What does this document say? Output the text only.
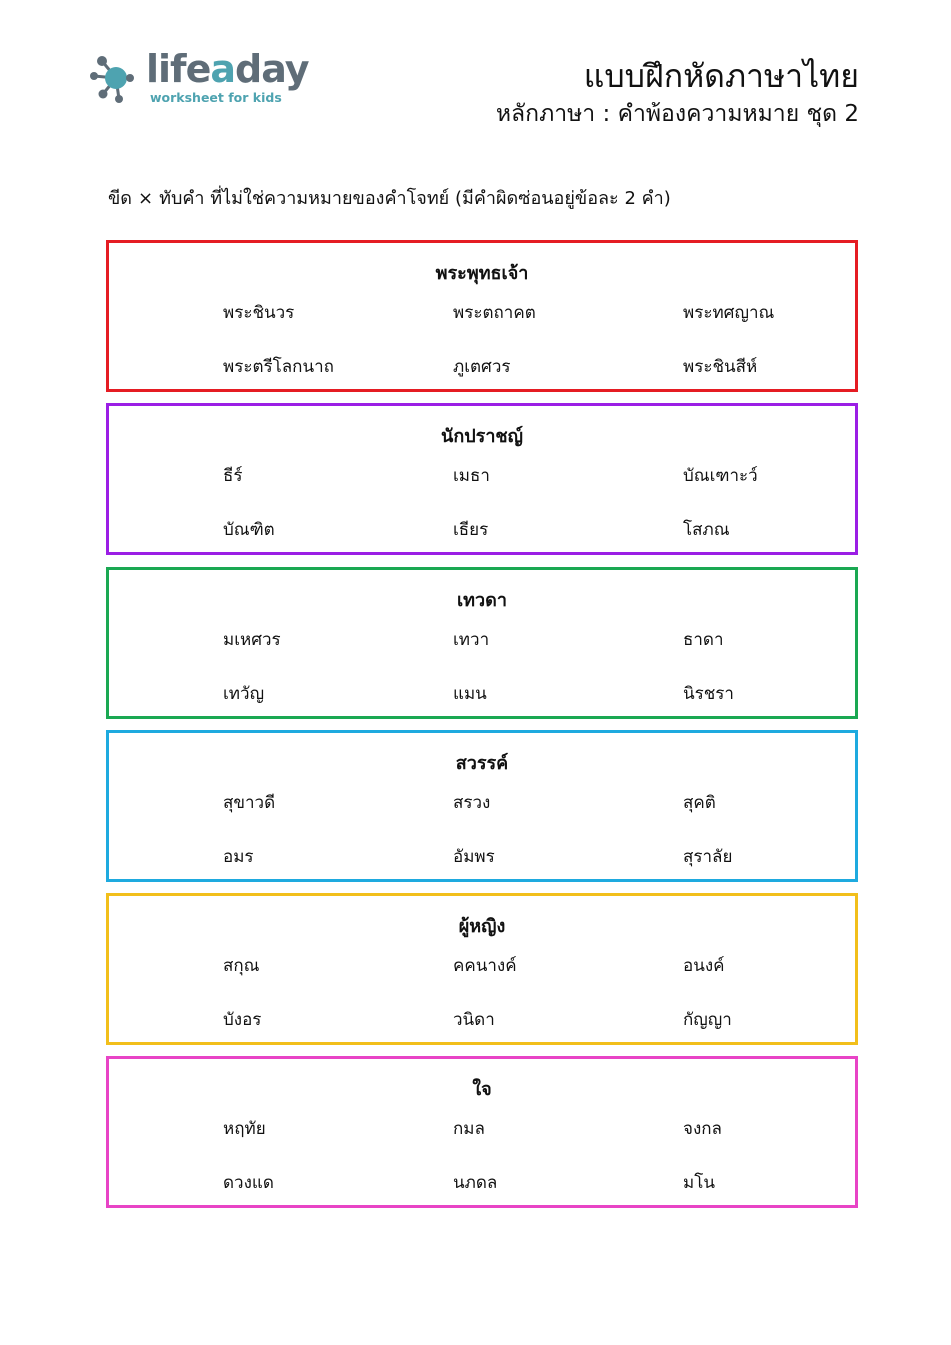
lifeaday
worksheet for kids
แบบฝึกหัดภาษาไทย
หลักภาษา : คำพ้องความหมาย ชุด 2
ขีด × ทับคำ ที่ไม่ใช่ความหมายของคำโจทย์ (มีคำผิดซ่อนอยู่ข้อละ 2 คำ)
พระพุทธเจ้า
พระชินวร	พระตถาคต	พระทศญาณ
พระตรีโลกนาถ	ภูเตศวร	พระชินสีห์
นักปราชญ์
ธีร์	เมธา	บัณเฑาะว์
บัณฑิต	เธียร	โสภณ
เทวดา
มเหศวร	เทวา	ธาดา
เทวัญ	แมน	นิรชรา
สวรรค์
สุขาวดี	สรวง	สุคติ
อมร	อัมพร	สุราลัย
ผู้หญิง
สกุณ	คคนางค์	อนงค์
บังอร	วนิดา	กัญญา
ใจ
หฤทัย	กมล	จงกล
ดวงแด	นภดล	มโน
